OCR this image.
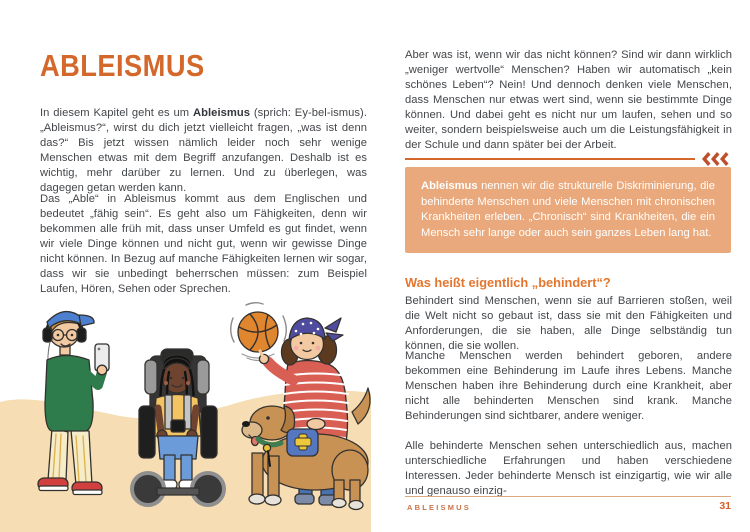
ABLEISMUS

In diesem Kapitel geht es um Ableismus (sprich: Ey-bel-ismus). „Ableismus?“, wirst du dich jetzt vielleicht fragen, „was ist denn das?“ Bis jetzt wissen nämlich leider noch sehr wenige Menschen etwas mit dem Begriff anzufangen. Deshalb ist es wichtig, mehr darüber zu lernen. Und zu überlegen, was dagegen getan werden kann.

Das „Able“ in Ableismus kommt aus dem Englischen und bedeutet „fähig sein“. Es geht also um Fähigkeiten, denn wir bekommen alle früh mit, dass unser Umfeld es gut findet, wenn wir viele Dinge können und nicht gut, wenn wir gewisse Dinge nicht können. In Bezug auf manche Fähigkeiten lernen wir sogar, dass wir sie unbedingt beherrschen müssen: zum Beispiel Laufen, Hören, Sehen oder Sprechen.

Aber was ist, wenn wir das nicht können? Sind wir dann wirklich „weniger wertvolle“ Menschen? Haben wir automatisch „kein schönes Leben“? Nein! Und dennoch denken viele Menschen, dass Menschen nur etwas wert sind, wenn sie bestimmte Dinge können. Und dabei geht es nicht nur um laufen, sehen und so weiter, sondern beispielsweise auch um die Leistungsfähigkeit in der Schule und dann später bei der Arbeit.

Ableismus nennen wir die strukturelle Diskriminierung, die behinderte Menschen und viele Menschen mit chronischen Krankheiten erleben. „Chronisch“ sind Krankheiten, die ein Mensch sehr lange oder auch sein ganzes Leben lang hat.
Was heißt eigentlich „behindert“?

Behindert sind Menschen, wenn sie auf Barrieren stoßen, weil die Welt nicht so gebaut ist, dass sie mit den Fähigkeiten und Anforderungen, die sie haben, alle Dinge selbständig tun können, die sie wollen.

Manche Menschen werden behindert geboren, andere bekommen eine Behinderung im Laufe ihres Lebens. Manche Menschen haben ihre Behinderung durch eine Krankheit, aber nicht alle behinderten Menschen sind krank. Manche Behinderungen sind sichtbarer, andere weniger.

Alle behinderte Menschen sehen unterschiedlich aus, machen unterschiedliche Erfahrungen und haben verschiedene Interessen. Jeder behinderte Mensch ist einzigartig, wie wir alle und genauso einzig-

ABLEISMUS	31
